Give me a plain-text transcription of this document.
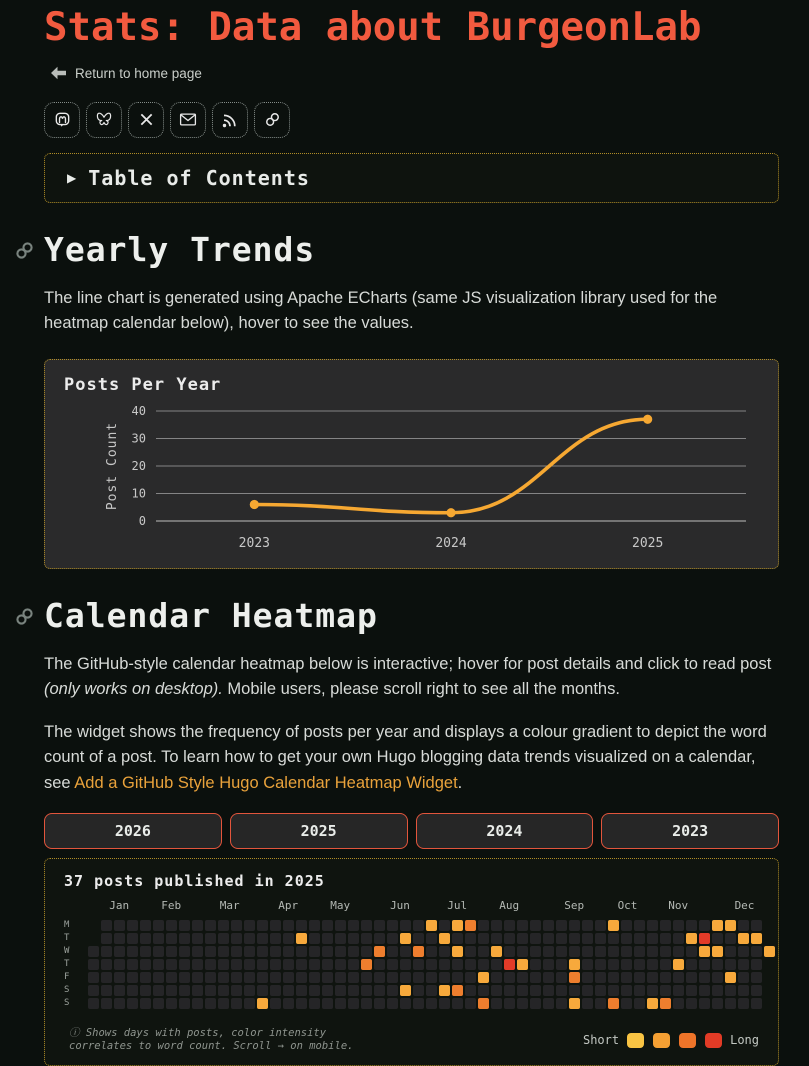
Stats: Data about BurgeonLab
Return to home page
▶ Table of Contents
Yearly Trends

The line chart is generated using Apache ECharts (same JS visualization library used for the heatmap calendar below), hover to see the values.

Posts Per Year
0
10
20
30
40
Post Count
2023	2024	2025
Calendar Heatmap

The GitHub-style calendar heatmap below is interactive; hover for post details and click to read post (only works on desktop). Mobile users, please scroll right to see all the months.

The widget shows the frequency of posts per year and displays a colour gradient to depict the word count of a post. To learn how to get your own Hugo blogging data trends visualized on a calendar, see Add a GitHub Style Hugo Calendar Heatmap Widget.

2026	2025	2024	2023
37 posts published in 2025
Jan	Feb	Mar	Apr	May	Jun	Jul	Aug	Sep	Oct	Nov	Dec
M
T
W
T
F
S
S
ⓘ Shows days with posts, color intensity
correlates to word count. Scroll → on mobile.	Short	Long
